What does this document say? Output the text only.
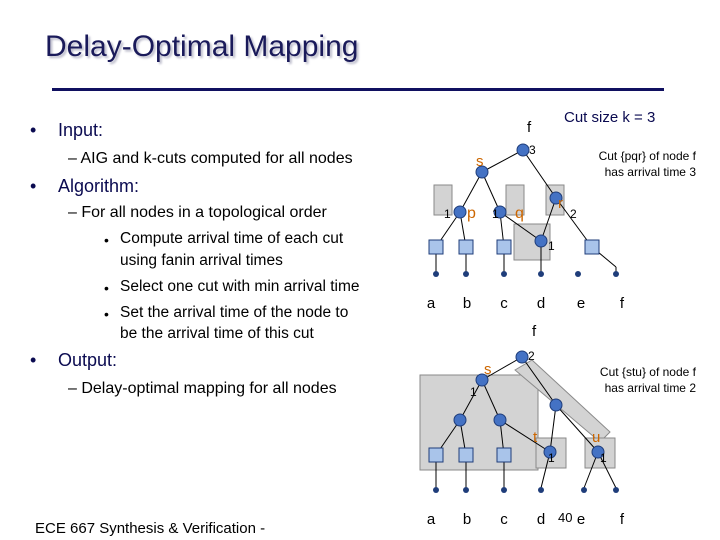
Delay-Optimal Mapping
• Input:
– AIG and k-cuts computed for all nodes
• Algorithm:
– For all nodes in a topological order
• Compute arrival time of each cut
using fanin arrival times
• Select one cut with min arrival time
• Set the arrival time of the node to
be the arrival time of this cut
• Output:
– Delay-optimal mapping for all nodes
ECE 667 Synthesis & Verification -
Cut size k = 3
f
3
s
p
1	q
1
r
2
1
Cut {pqr} of node f
has arrival time 3
a b c d e f
f
2
s
1
t
1
u
1
Cut {stu} of node f
has arrival time 2
a b c d e f
40
